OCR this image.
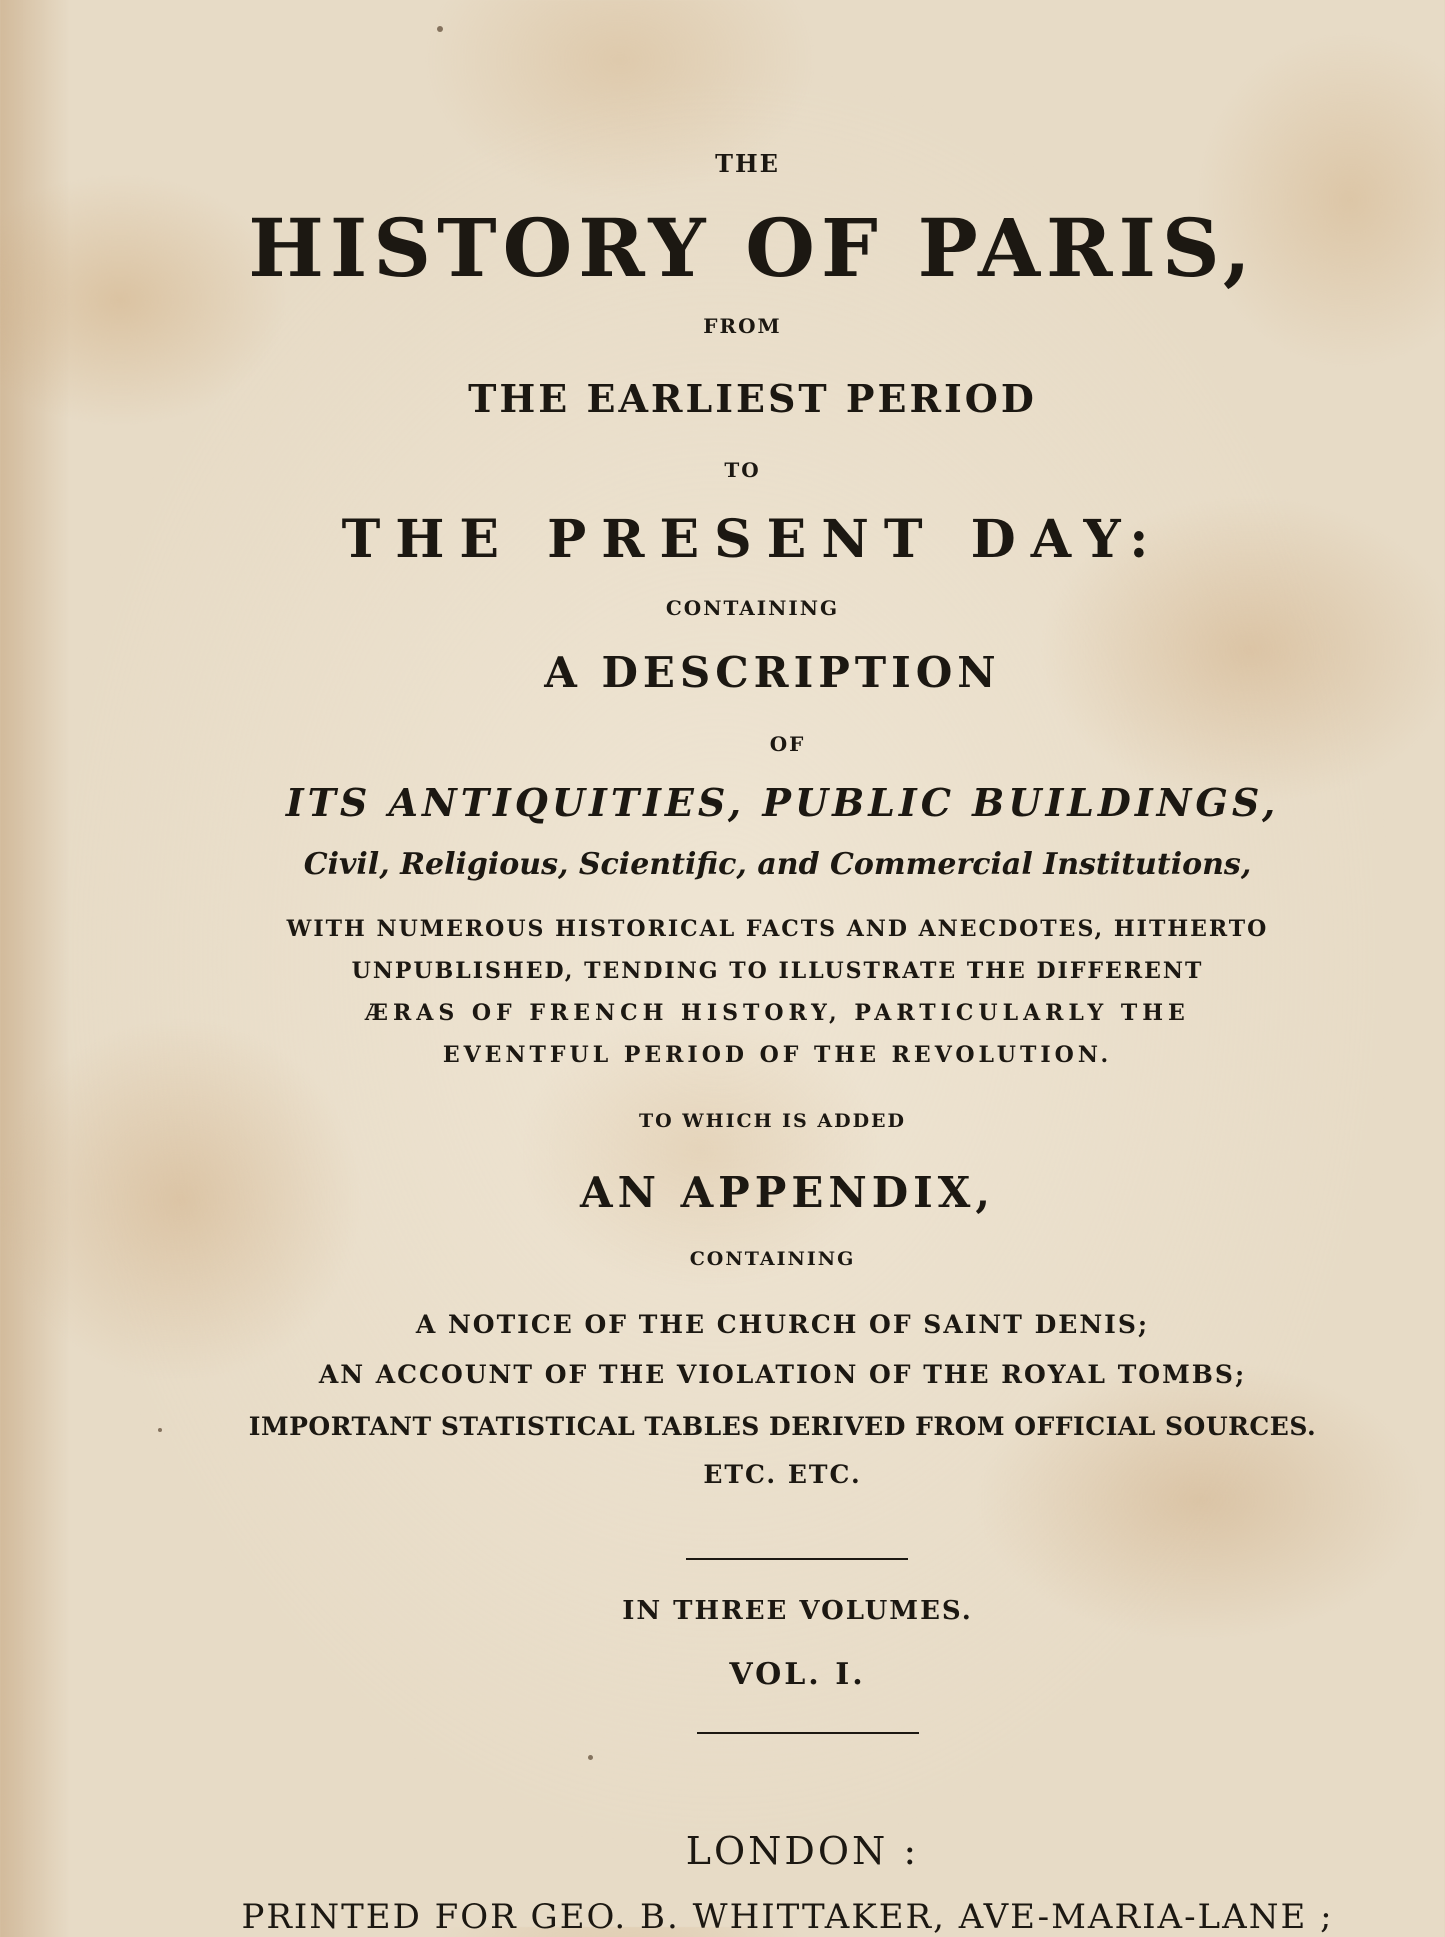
THE
HISTORY OF PARIS,
FROM
THE EARLIEST PERIOD
TO
THE PRESENT DAY:
CONTAINING
A DESCRIPTION
OF
ITS ANTIQUITIES, PUBLIC BUILDINGS,
Civil, Religious, Scientific, and Commercial Institutions,
WITH NUMEROUS HISTORICAL FACTS AND ANECDOTES, HITHERTO
UNPUBLISHED, TENDING TO ILLUSTRATE THE DIFFERENT
ÆRAS OF FRENCH HISTORY, PARTICULARLY THE
EVENTFUL PERIOD OF THE REVOLUTION.
TO WHICH IS ADDED
AN APPENDIX,
CONTAINING
A NOTICE OF THE CHURCH OF SAINT DENIS;
AN ACCOUNT OF THE VIOLATION OF THE ROYAL TOMBS;
IMPORTANT STATISTICAL TABLES DERIVED FROM OFFICIAL SOURCES.
ETC. ETC.
IN THREE VOLUMES.
VOL. I.
LONDON :
PRINTED FOR GEO. B. WHITTAKER, AVE-MARIA-LANE ;
